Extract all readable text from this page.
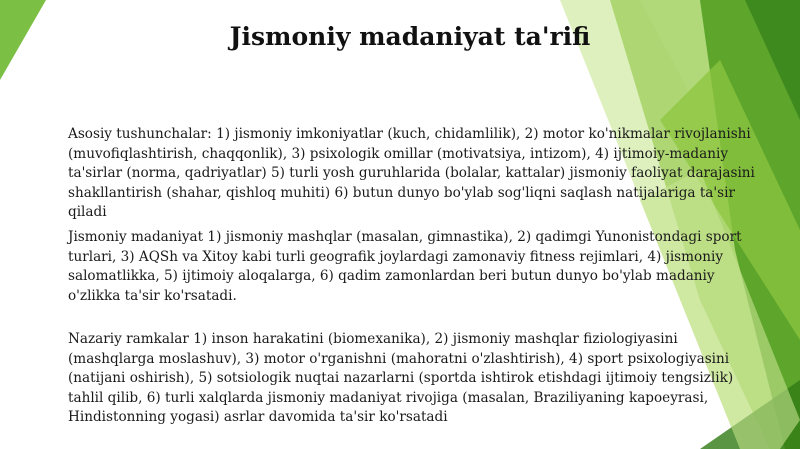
Jismoniy madaniyat ta'rifi

Asosiy tushunchalar: 1) jismoniy imkoniyatlar (kuch, chidamlilik), 2) motor ko'nikmalar rivojlanishi (muvofiqlashtirish, chaqqonlik), 3) psixologik omillar (motivatsiya, intizom), 4) ijtimoiy-madaniy ta'sirlar (norma, qadriyatlar) 5) turli yosh guruhlarida (bolalar, kattalar) jismoniy faoliyat darajasini shakllantirish (shahar, qishloq muhiti) 6) butun dunyo bo'ylab sog'liqni saqlash natijalariga ta'sir qiladi

Jismoniy madaniyat 1) jismoniy mashqlar (masalan, gimnastika), 2) qadimgi Yunonistondagi sport turlari, 3) AQSh va Xitoy kabi turli geografik joylardagi zamonaviy fitness rejimlari, 4) jismoniy salomatlikka, 5) ijtimoiy aloqalarga, 6) qadim zamonlardan beri butun dunyo bo'ylab madaniy o'zlikka ta'sir ko'rsatadi.

Nazariy ramkalar 1) inson harakatini (biomexanika), 2) jismoniy mashqlar fiziologiyasini (mashqlarga moslashuv), 3) motor o'rganishni (mahoratni o'zlashtirish), 4) sport psixologiyasini (natijani oshirish), 5) sotsiologik nuqtai nazarlarni (sportda ishtirok etishdagi ijtimoiy tengsizlik) tahlil qilib, 6) turli xalqlarda jismoniy madaniyat rivojiga (masalan, Braziliyaning kapoeyrasi, Hindistonning yogasi) asrlar davomida ta'sir ko'rsatadi
